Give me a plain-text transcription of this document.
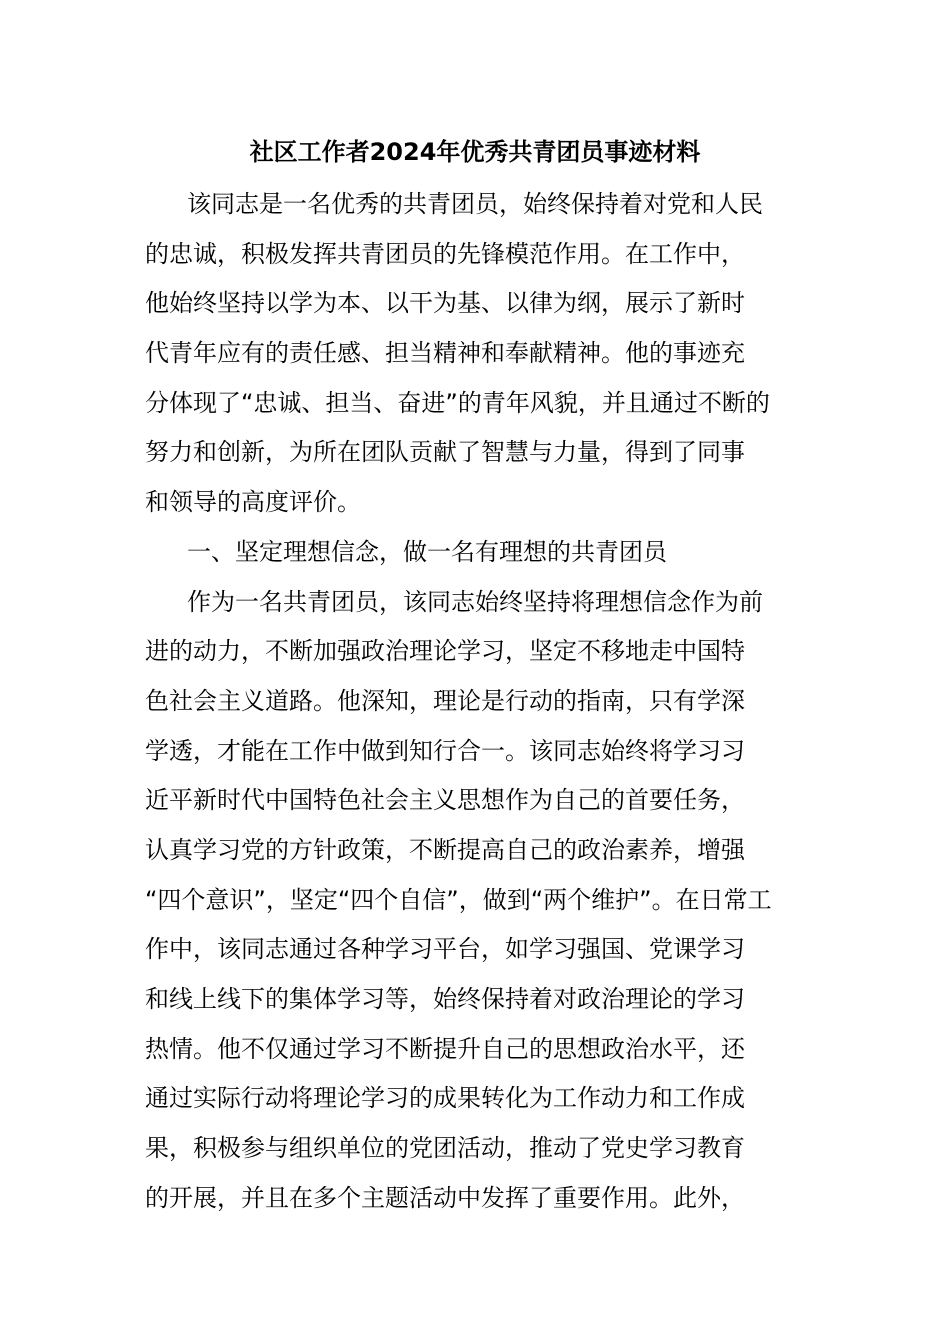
社区工作者2024年优秀共青团员事迹材料
该同志是一名优秀的共青团员，始终保持着对党和人民
的忠诚，积极发挥共青团员的先锋模范作用。在工作中，
他始终坚持以学为本、以干为基、以律为纲，展示了新时
代青年应有的责任感、担当精神和奉献精神。他的事迹充
分体现了“忠诚、担当、奋进”的青年风貌，并且通过不断的
努力和创新，为所在团队贡献了智慧与力量，得到了同事
和领导的高度评价。
一、坚定理想信念，做一名有理想的共青团员
作为一名共青团员，该同志始终坚持将理想信念作为前
进的动力，不断加强政治理论学习，坚定不移地走中国特
色社会主义道路。他深知，理论是行动的指南，只有学深
学透，才能在工作中做到知行合一。该同志始终将学习习
近平新时代中国特色社会主义思想作为自己的首要任务，
认真学习党的方针政策，不断提高自己的政治素养，增强
“四个意识”，坚定“四个自信”，做到“两个维护”。在日常工
作中，该同志通过各种学习平台，如学习强国、党课学习
和线上线下的集体学习等，始终保持着对政治理论的学习
热情。他不仅通过学习不断提升自己的思想政治水平，还
通过实际行动将理论学习的成果转化为工作动力和工作成
果，积极参与组织单位的党团活动，推动了党史学习教育
的开展，并且在多个主题活动中发挥了重要作用。此外，
